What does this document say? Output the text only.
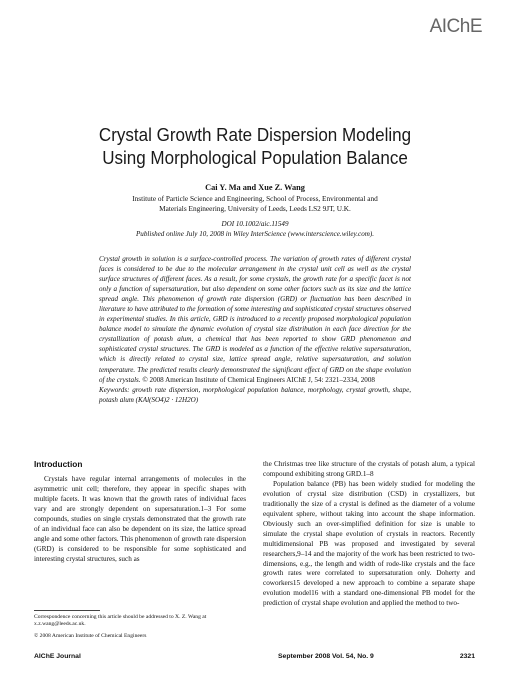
AIChE
Crystal Growth Rate Dispersion Modeling
Using Morphological Population Balance
Cai Y. Ma and Xue Z. Wang
Institute of Particle Science and Engineering, School of Process, Environmental and
Materials Engineering, University of Leeds, Leeds LS2 9JT, U.K.
DOI 10.1002/aic.11549
Published online July 10, 2008 in Wiley InterScience (www.interscience.wiley.com).
Crystal growth in solution is a surface-controlled process. The variation of growth rates of different crystal faces is considered to be due to the molecular arrangement in the crystal unit cell as well as the crystal surface structures of different faces. As a result, for some crystals, the growth rate for a specific facet is not only a function of supersaturation, but also dependent on some other factors such as its size and the lattice spread angle. This phenomenon of growth rate dispersion (GRD) or fluctuation has been described in literature to have attributed to the formation of some interesting and sophisticated crystal structures observed in experimental studies. In this article, GRD is introduced to a recently proposed morphological population balance model to simulate the dynamic evolution of crystal size distribution in each face direction for the crystallization of potash alum, a chemical that has been reported to show GRD phenomenon and sophisticated crystal structures. The GRD is modeled as a function of the effective relative supersaturation, which is directly related to crystal size, lattice spread angle, relative supersaturation, and solution temperature. The predicted results clearly demonstrated the significant effect of GRD on the shape evolution of the crystals. © 2008 American Institute of Chemical Engineers AIChE J, 54: 2321–2334, 2008
Keywords: growth rate dispersion, morphological population balance, morphology, crystal growth, shape, potash alum (KAl(SO4)2 · 12H2O)
Introduction

Crystals have regular internal arrangements of molecules in the asymmetric unit cell; therefore, they appear in specific shapes with multiple facets. It was known that the growth rates of individual faces vary and are strongly dependent on supersaturation.1–3 For some compounds, studies on single crystals demonstrated that the growth rate of an individual face can also be dependent on its size, the lattice spread angle and some other factors. This phenomenon of growth rate dispersion (GRD) is considered to be responsible for some sophisticated and interesting crystal structures, such as

the Christmas tree like structure of the crystals of potash alum, a typical compound exhibiting strong GRD.1–8

Population balance (PB) has been widely studied for modeling the evolution of crystal size distribution (CSD) in crystallizers, but traditionally the size of a crystal is defined as the diameter of a volume equivalent sphere, without taking into account the shape information. Obviously such an over-simplified definition for size is unable to simulate the crystal shape evolution of crystals in reactors. Recently multidimensional PB was proposed and investigated by several researchers,9–14 and the majority of the work has been restricted to two-dimensions, e.g., the length and width of rode-like crystals and the face growth rates were correlated to supersaturation only. Doherty and coworkers15 developed a new approach to combine a separate shape evolution model16 with a standard one-dimensional PB model for the prediction of crystal shape evolution and applied the method to two-

Correspondence concerning this article should be addressed to X. Z. Wang at x.z.wang@leeds.ac.uk.
© 2008 American Institute of Chemical Engineers
AIChE Journal	September 2008 Vol. 54, No. 9	2321
